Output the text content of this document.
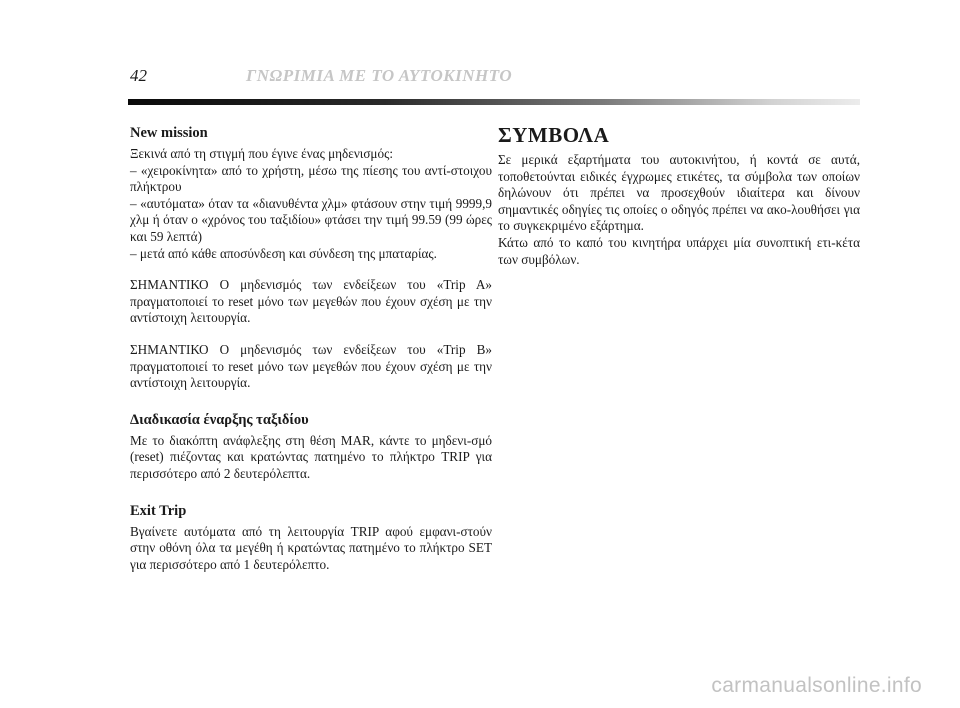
42	ΓΝΩΡΙΜΙΑ ΜΕ ΤΟ ΑΥΤΟΚΙΝΗΤΟ
New mission

Ξεκινά από τη στιγμή που έγινε ένας μηδενισμός:

– «χειροκίνητα» από το χρήστη, μέσω της πίεσης του αντί-στοιχου πλήκτρου

– «αυτόματα» όταν τα «διανυθέντα χλμ» φτάσουν στην τιμή 9999,9 χλμ ή όταν ο «χρόνος του ταξιδίου» φτάσει την τιμή 99.59 (99 ώρες και 59 λεπτά)

– μετά από κάθε αποσύνδεση και σύνδεση της μπαταρίας.

ΣΗΜΑΝΤΙΚΟ Ο μηδενισμός των ενδείξεων του «Trip A» πραγματοποιεί το reset μόνο των μεγεθών που έχουν σχέση με την αντίστοιχη λειτουργία.

ΣΗΜΑΝΤΙΚΟ Ο μηδενισμός των ενδείξεων του «Trip B» πραγματοποιεί το reset μόνο των μεγεθών που έχουν σχέση με την αντίστοιχη λειτουργία.

Διαδικασία έναρξης ταξιδίου

Με το διακόπτη ανάφλεξης στη θέση MAR, κάντε το μηδενι-σμό (reset) πιέζοντας και κρατώντας πατημένο το πλήκτρο TRIP για περισσότερο από 2 δευτερόλεπτα.

Exit Trip

Βγαίνετε αυτόματα από τη λειτουργία TRIP αφού εμφανι-στούν στην οθόνη όλα τα μεγέθη ή κρατώντας πατημένο το πλήκτρο SET για περισσότερο από 1 δευτερόλεπτο.

ΣΥΜΒΟΛΑ

Σε μερικά εξαρτήματα του αυτοκινήτου, ή κοντά σε αυτά, τοποθετούνται ειδικές έγχρωμες ετικέτες, τα σύμβολα των οποίων δηλώνουν ότι πρέπει να προσεχθούν ιδιαίτερα και δίνουν σημαντικές οδηγίες τις οποίες ο οδηγός πρέπει να ακο-λουθήσει για το συγκεκριμένο εξάρτημα.

Κάτω από το καπό του κινητήρα υπάρχει μία συνοπτική ετι-κέτα των συμβόλων.

carmanualsonline.info
